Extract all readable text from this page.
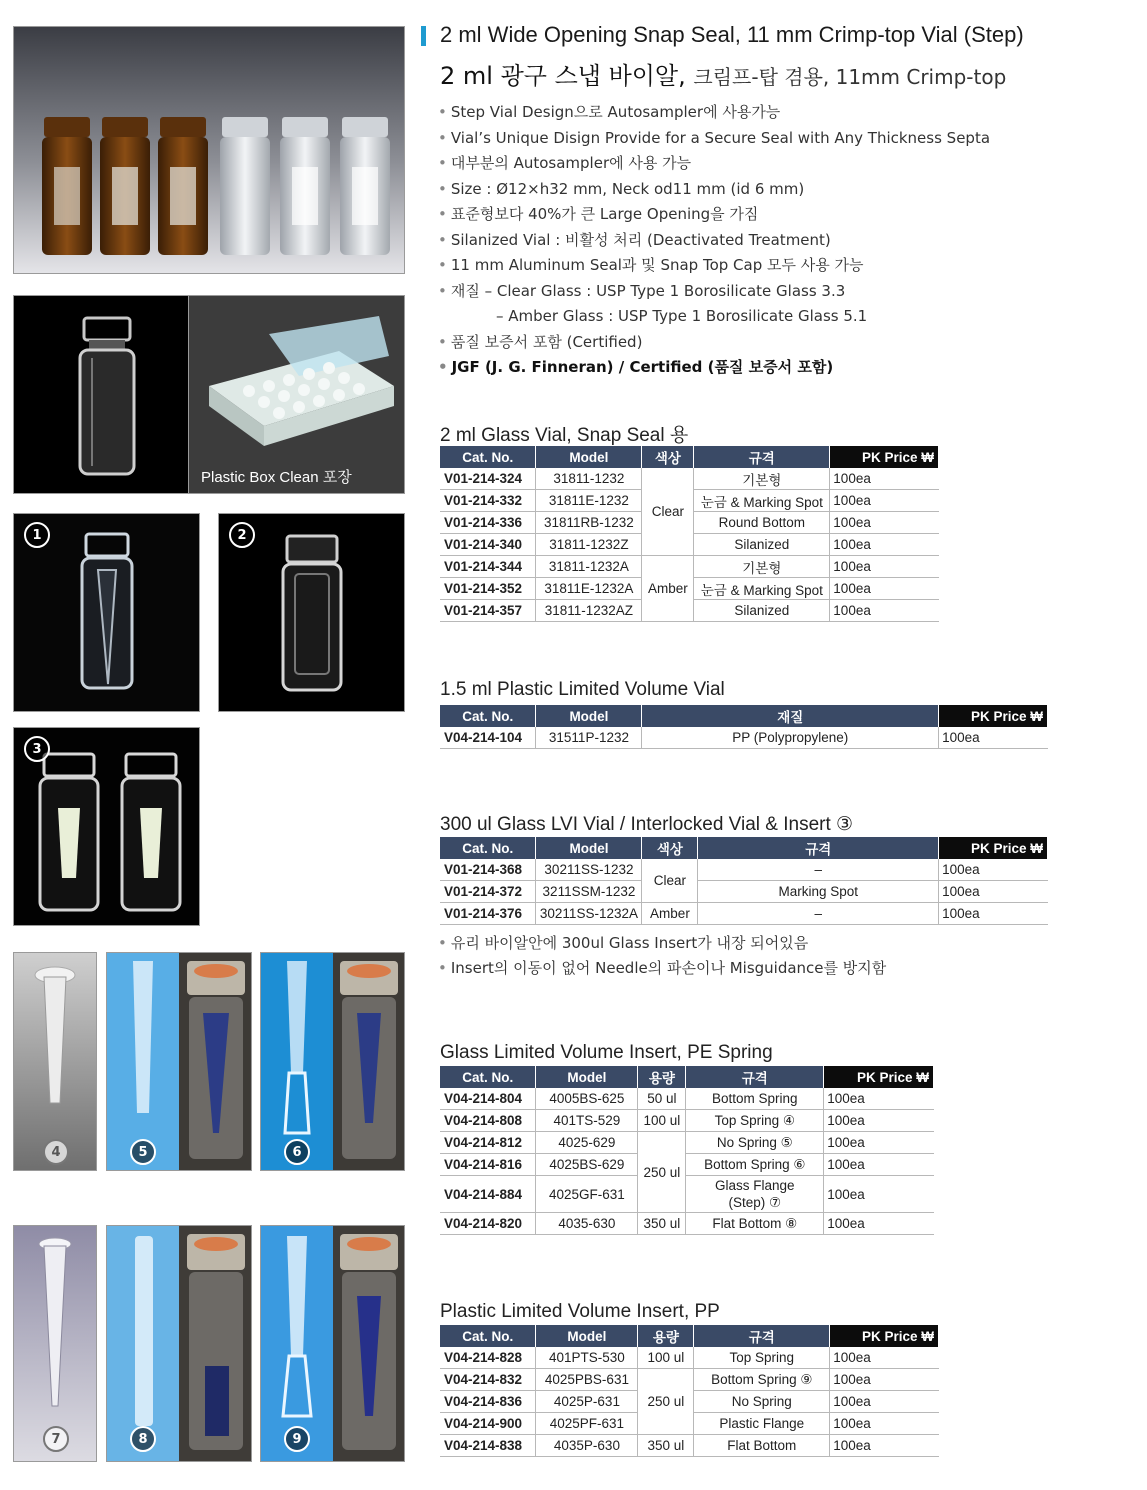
Plastic Box Clean 포장
1	2
3
4	5	6
7	8	9
2 ml Wide Opening Snap Seal, 11 mm Crimp-top Vial (Step)
2 ml 광구 스냅 바이알, 크림프-탑 겸용, 11mm Crimp-top
• Step Vial Design으로 Autosampler에 사용가능
• Vial’s Unique Disign Provide for a Secure Seal with Any Thickness Septa
• 대부분의 Autosampler에 사용 가능
• Size : Ø12×h32 mm, Neck od11 mm (id 6 mm)
• 표준형보다 40%가 큰 Large Opening을 가짐
• Silanized Vial : 비활성 처리 (Deactivated Treatment)
• 11 mm Aluminum Seal과 및 Snap Top Cap 모두 사용 가능
• 재질 – Clear Glass : USP Type 1 Borosilicate Glass 3.3
– Amber Glass : USP Type 1 Borosilicate Glass 5.1
• 품질 보증서 포함 (Certified)
• JGF (J. G. Finneran) / Certified (품질 보증서 포함)
2 ml Glass Vial, Snap Seal 용
Cat. No.	Model	색상	규격	PK Price ₩
V01-214-324	31811-1232	Clear	기본형	100ea
V01-214-332	31811E-1232		눈금 & Marking Spot	100ea
V01-214-336	31811RB-1232		Round Bottom	100ea
V01-214-340	31811-1232Z		Silanized	100ea
V01-214-344	31811-1232A	Amber	기본형	100ea
V01-214-352	31811E-1232A		눈금 & Marking Spot	100ea
V01-214-357	31811-1232AZ		Silanized	100ea
1.5 ml Plastic Limited Volume Vial
Cat. No.	Model	재질	PK Price ₩
V04-214-104	31511P-1232	PP (Polypropylene)	100ea
300 ul Glass LVI Vial / Interlocked Vial & Insert ③
Cat. No.	Model	색상	규격	PK Price ₩
V01-214-368	30211SS-1232	Clear	–	100ea
V01-214-372	3211SSM-1232		Marking Spot	100ea
V01-214-376	30211SS-1232A	Amber	–	100ea
• 유리 바이알안에 300ul Glass Insert가 내장 되어있음
• Insert의 이동이 없어 Needle의 파손이나 Misguidance를 방지함
Glass Limited Volume Insert, PE Spring
Cat. No.	Model	용량	규격	PK Price ₩
V04-214-804	4005BS-625	50 ul	Bottom Spring	100ea
V04-214-808	401TS-529	100 ul	Top Spring ④	100ea
V04-214-812	4025-629	250 ul	No Spring ⑤	100ea
V04-214-816	4025BS-629		Bottom Spring ⑥	100ea
V04-214-884	4025GF-631		Glass Flange
(Step) ⑦	100ea
V04-214-820	4035-630	350 ul	Flat Bottom ⑧	100ea
Plastic Limited Volume Insert, PP
Cat. No.	Model	용량	규격	PK Price ₩
V04-214-828	401PTS-530	100 ul	Top Spring	100ea
V04-214-832	4025PBS-631	250 ul	Bottom Spring ⑨	100ea
V04-214-836	4025P-631		No Spring	100ea
V04-214-900	4025PF-631		Plastic Flange	100ea
V04-214-838	4035P-630	350 ul	Flat Bottom	100ea
